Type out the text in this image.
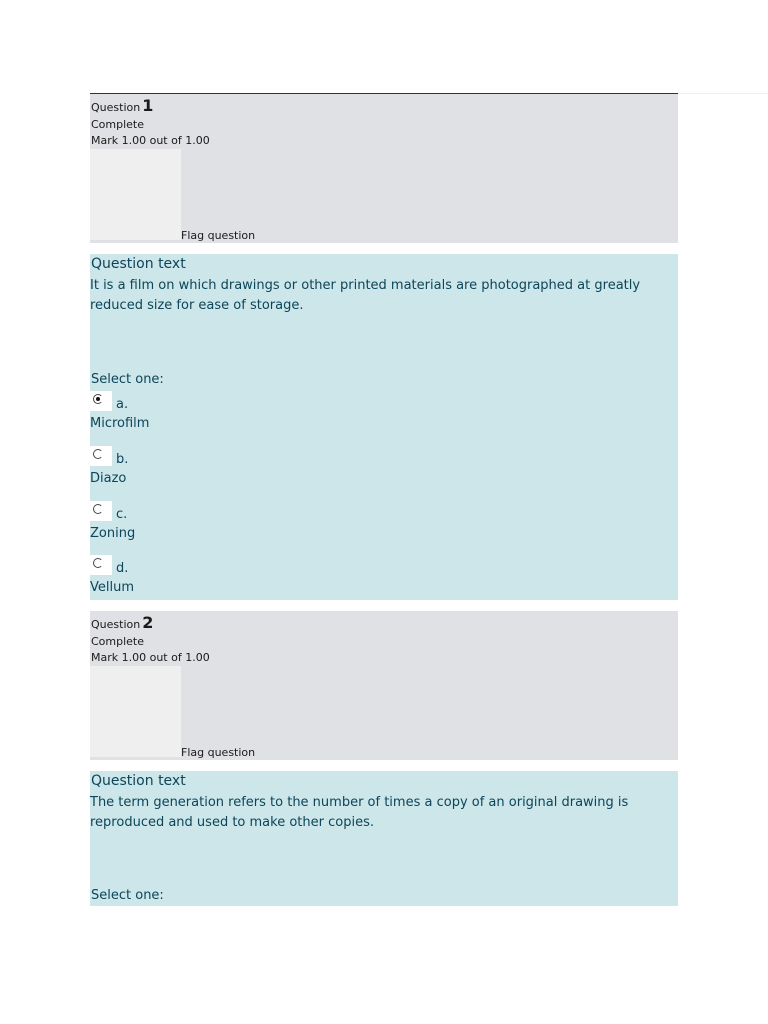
Question 1
Complete
Mark 1.00 out of 1.00
Flag question
Question text
It is a film on which drawings or other printed materials are photographed at greatly reduced size for ease of storage.
Select one:
a.
Microfilm
b.
Diazo
c.
Zoning
d.
Vellum
Question 2
Complete
Mark 1.00 out of 1.00
Flag question
Question text
The term generation refers to the number of times a copy of an original drawing is reproduced and used to make other copies.
Select one:
